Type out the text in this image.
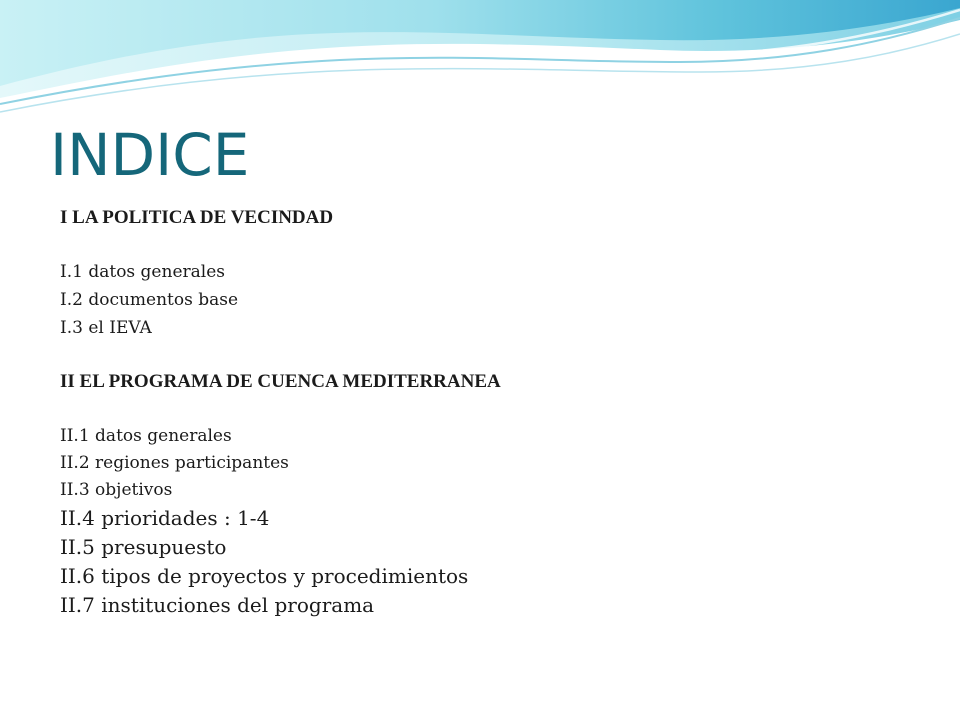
INDICE
I LA POLITICA DE VECINDAD
I.1 datos generales
I.2 documentos base
I.3 el IEVA
II EL PROGRAMA DE CUENCA MEDITERRANEA
II.1 datos generales
II.2 regiones participantes
II.3 objetivos
II.4 prioridades : 1-4
II.5 presupuesto
II.6 tipos de proyectos y procedimientos
II.7 instituciones del programa
